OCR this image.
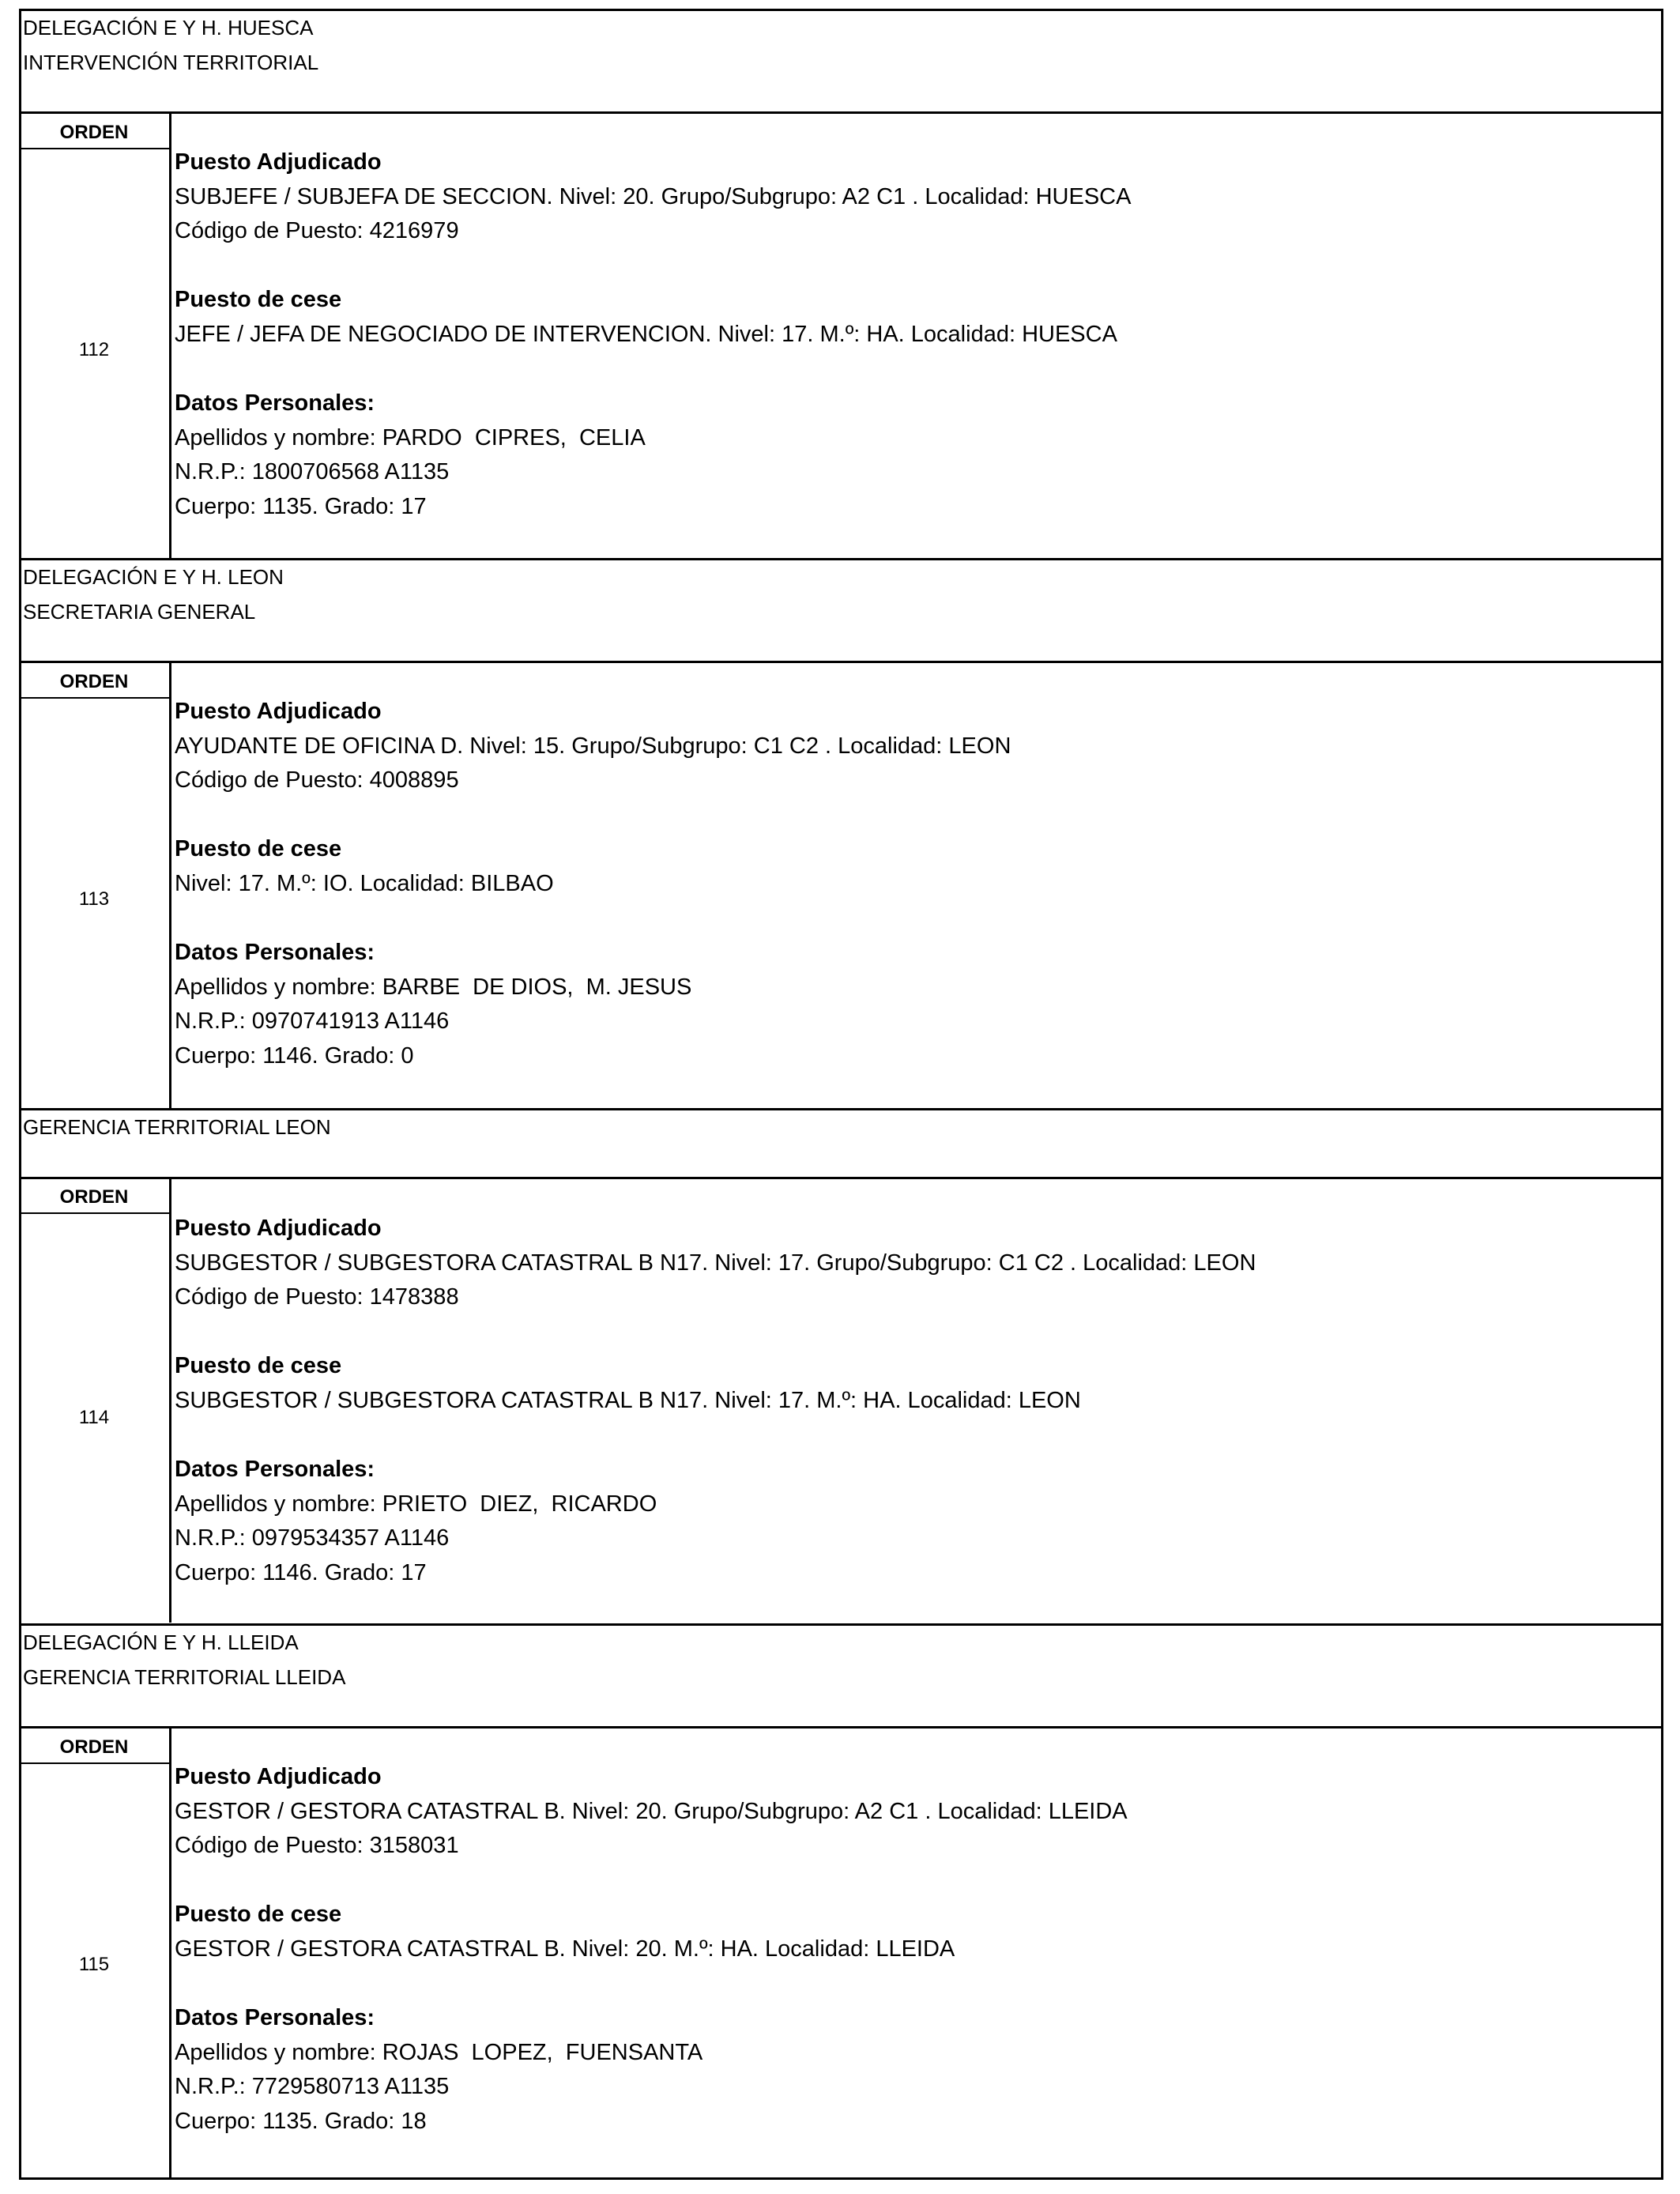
DELEGACIÓN E Y H. HUESCA
INTERVENCIÓN TERRITORIAL
ORDEN
112
Puesto Adjudicado
SUBJEFE / SUBJEFA DE SECCION. Nivel: 20. Grupo/Subgrupo: A2 C1 . Localidad: HUESCA
Código de Puesto: 4216979
Puesto de cese
JEFE / JEFA DE NEGOCIADO DE INTERVENCION. Nivel: 17. M.º: HA. Localidad: HUESCA
Datos Personales:
Apellidos y nombre: PARDO  CIPRES,  CELIA
N.R.P.: 1800706568 A1135
Cuerpo: 1135. Grado: 17
DELEGACIÓN E Y H. LEON
SECRETARIA GENERAL
ORDEN
113
Puesto Adjudicado
AYUDANTE DE OFICINA D. Nivel: 15. Grupo/Subgrupo: C1 C2 . Localidad: LEON
Código de Puesto: 4008895
Puesto de cese
Nivel: 17. M.º: IO. Localidad: BILBAO
Datos Personales:
Apellidos y nombre: BARBE  DE DIOS,  M. JESUS
N.R.P.: 0970741913 A1146
Cuerpo: 1146. Grado: 0
GERENCIA TERRITORIAL LEON
ORDEN
114
Puesto Adjudicado
SUBGESTOR / SUBGESTORA CATASTRAL B N17. Nivel: 17. Grupo/Subgrupo: C1 C2 . Localidad: LEON
Código de Puesto: 1478388
Puesto de cese
SUBGESTOR / SUBGESTORA CATASTRAL B N17. Nivel: 17. M.º: HA. Localidad: LEON
Datos Personales:
Apellidos y nombre: PRIETO  DIEZ,  RICARDO
N.R.P.: 0979534357 A1146
Cuerpo: 1146. Grado: 17
DELEGACIÓN E Y H. LLEIDA
GERENCIA TERRITORIAL LLEIDA
ORDEN
115
Puesto Adjudicado
GESTOR / GESTORA CATASTRAL B. Nivel: 20. Grupo/Subgrupo: A2 C1 . Localidad: LLEIDA
Código de Puesto: 3158031
Puesto de cese
GESTOR / GESTORA CATASTRAL B. Nivel: 20. M.º: HA. Localidad: LLEIDA
Datos Personales:
Apellidos y nombre: ROJAS  LOPEZ,  FUENSANTA
N.R.P.: 7729580713 A1135
Cuerpo: 1135. Grado: 18
